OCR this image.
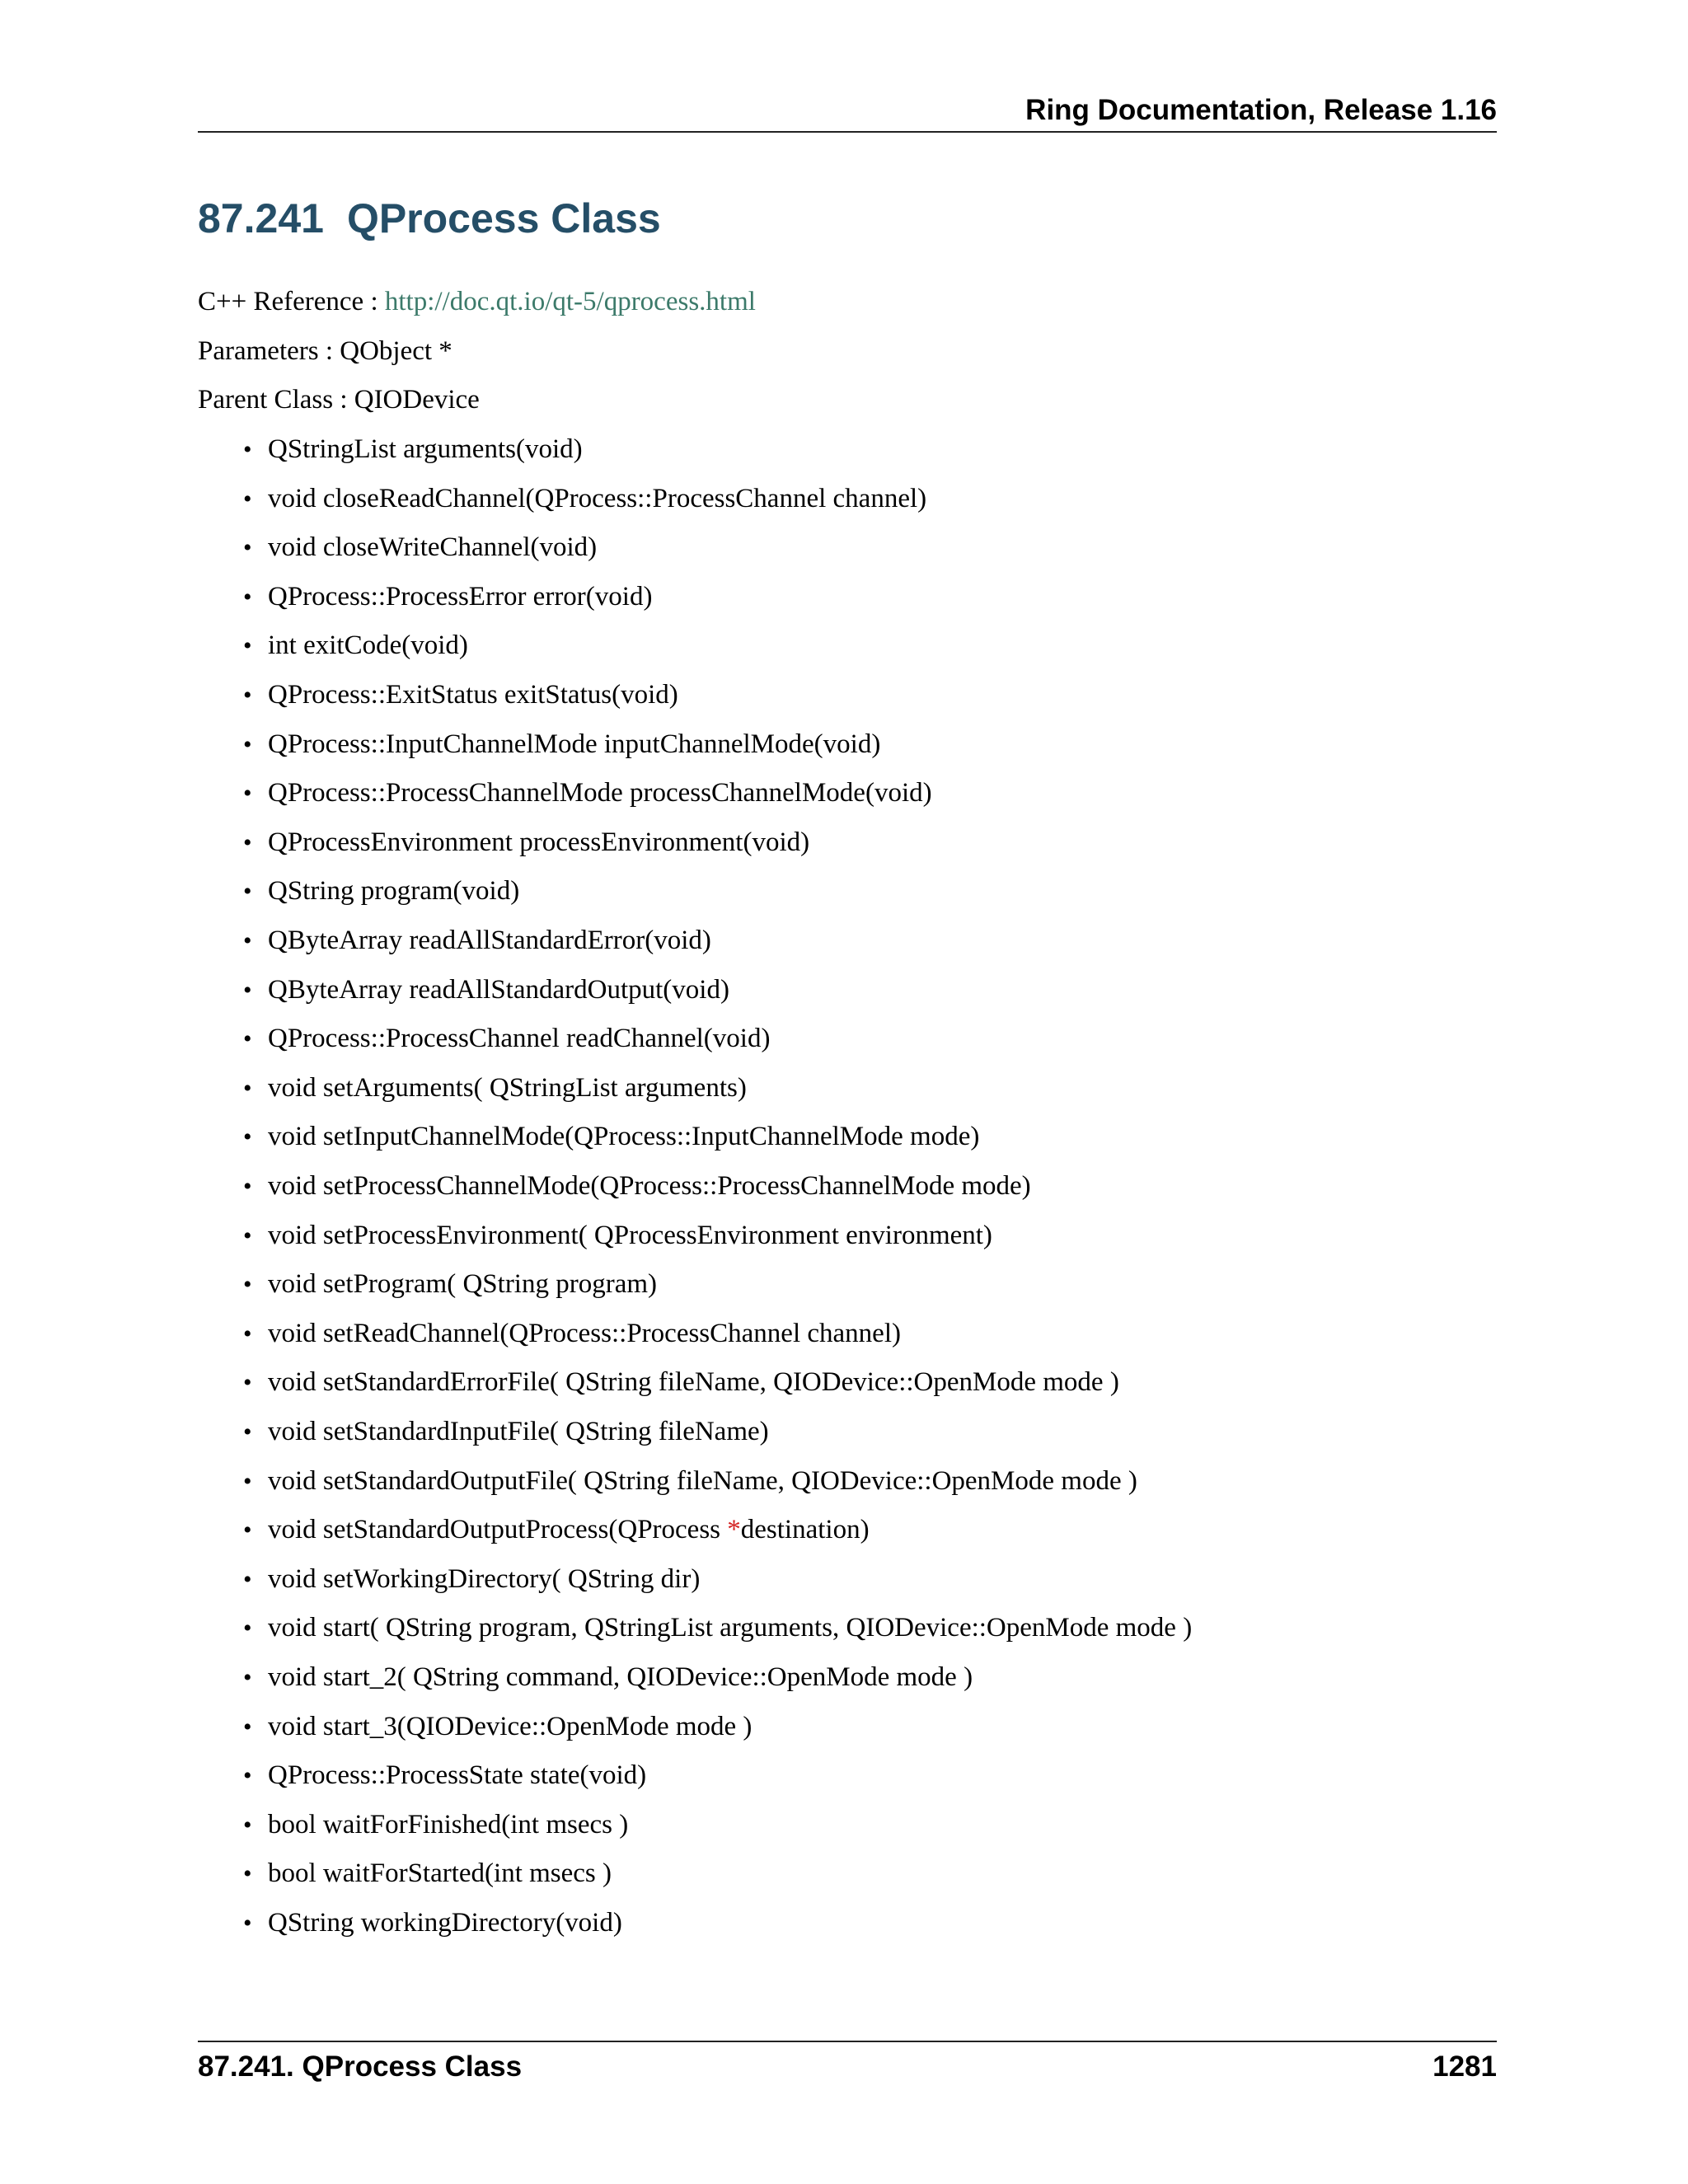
Ring Documentation, Release 1.16
87.241 QProcess Class
C++ Reference : http://doc.qt.io/qt-5/qprocess.html
Parameters : QObject *
Parent Class : QIODevice
• QStringList arguments(void)
• void closeReadChannel(QProcess::ProcessChannel channel)
• void closeWriteChannel(void)
• QProcess::ProcessError error(void)
• int exitCode(void)
• QProcess::ExitStatus exitStatus(void)
• QProcess::InputChannelMode inputChannelMode(void)
• QProcess::ProcessChannelMode processChannelMode(void)
• QProcessEnvironment processEnvironment(void)
• QString program(void)
• QByteArray readAllStandardError(void)
• QByteArray readAllStandardOutput(void)
• QProcess::ProcessChannel readChannel(void)
• void setArguments( QStringList arguments)
• void setInputChannelMode(QProcess::InputChannelMode mode)
• void setProcessChannelMode(QProcess::ProcessChannelMode mode)
• void setProcessEnvironment( QProcessEnvironment environment)
• void setProgram( QString program)
• void setReadChannel(QProcess::ProcessChannel channel)
• void setStandardErrorFile( QString fileName, QIODevice::OpenMode mode )
• void setStandardInputFile( QString fileName)
• void setStandardOutputFile( QString fileName, QIODevice::OpenMode mode )
• void setStandardOutputProcess(QProcess *destination)
• void setWorkingDirectory( QString dir)
• void start( QString program, QStringList arguments, QIODevice::OpenMode mode )
• void start_2( QString command, QIODevice::OpenMode mode )
• void start_3(QIODevice::OpenMode mode )
• QProcess::ProcessState state(void)
• bool waitForFinished(int msecs )
• bool waitForStarted(int msecs )
• QString workingDirectory(void)
87.241. QProcess Class	1281
